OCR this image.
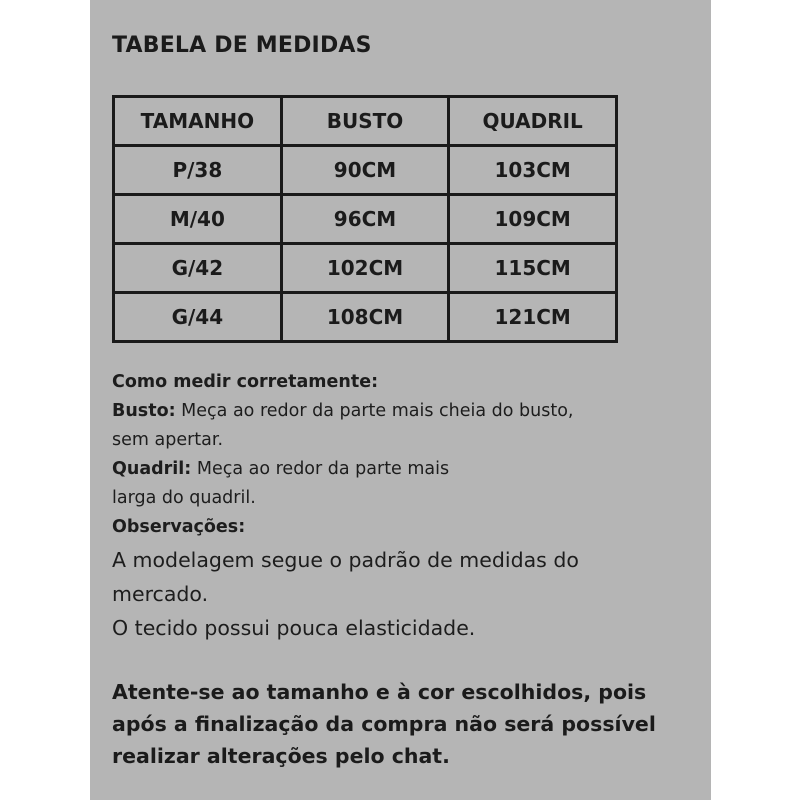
TABELA DE MEDIDAS
TAMANHO	BUSTO	QUADRIL
P/38	90CM	103CM
M/40	96CM	109CM
G/42	102CM	115CM
G/44	108CM	121CM
Como medir corretamente:
Busto: Meça ao redor da parte mais cheia do busto,
sem apertar.
Quadril: Meça ao redor da parte mais
larga do quadril.
Observações:
A modelagem segue o padrão de medidas do
mercado.
O tecido possui pouca elasticidade.
Atente-se ao tamanho e à cor escolhidos, pois
após a finalização da compra não será possível
realizar alterações pelo chat.
